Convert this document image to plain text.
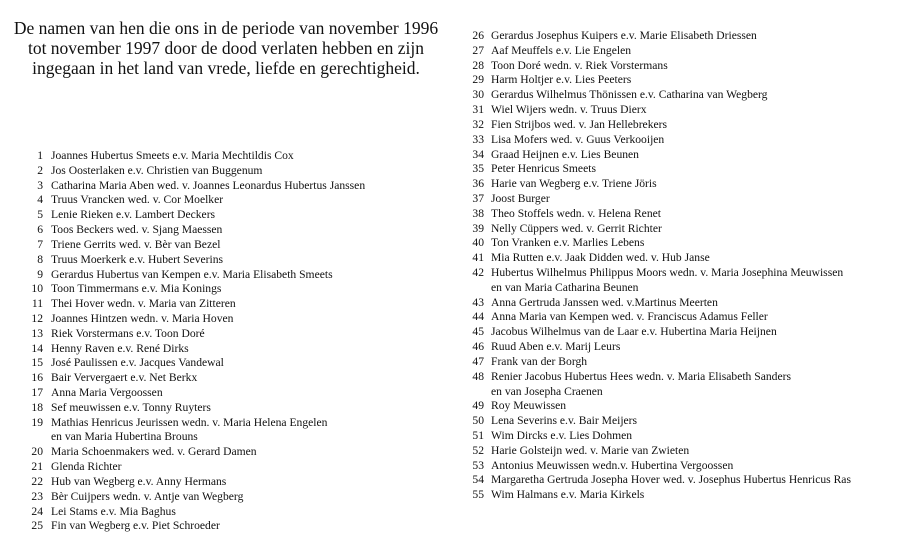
De namen van hen die ons in de periode van november 1996
tot november 1997 door de dood verlaten hebben en zijn
ingegaan in het land van vrede, liefde en gerechtigheid.
1 Joannes Hubertus Smeets e.v. Maria Mechtildis Cox
2 Jos Oosterlaken e.v. Christien van Buggenum
3 Catharina Maria Aben wed. v. Joannes Leonardus Hubertus Janssen
4 Truus Vrancken wed. v. Cor Moelker
5 Lenie Rieken e.v. Lambert Deckers
6 Toos Beckers wed. v. Sjang Maessen
7 Triene Gerrits wed. v. Bèr van Bezel
8 Truus Moerkerk e.v. Hubert Severins
9 Gerardus Hubertus van Kempen e.v. Maria Elisabeth Smeets
10 Toon Timmermans e.v. Mia Konings
11 Thei Hover wedn. v. Maria van Zitteren
12 Joannes Hintzen wedn. v. Maria Hoven
13 Riek Vorstermans e.v. Toon Doré
14 Henny Raven e.v. René Dirks
15 José Paulissen e.v. Jacques Vandewal
16 Bair Ververgaert e.v. Net Berkx
17 Anna Maria Vergoossen
18 Sef meuwissen e.v. Tonny Ruyters
19 Mathias Henricus Jeurissen wedn. v. Maria Helena Engelen
en van Maria Hubertina Brouns
20 Maria Schoenmakers wed. v. Gerard Damen
21 Glenda Richter
22 Hub van Wegberg e.v. Anny Hermans
23 Bèr Cuijpers wedn. v. Antje van Wegberg
24 Lei Stams e.v. Mia Baghus
25 Fin van Wegberg e.v. Piet Schroeder
26 Gerardus Josephus Kuipers e.v. Marie Elisabeth Driessen
27 Aaf Meuffels e.v. Lie Engelen
28 Toon Doré wedn. v. Riek Vorstermans
29 Harm Holtjer e.v. Lies Peeters
30 Gerardus Wilhelmus Thönissen e.v. Catharina van Wegberg
31 Wiel Wijers wedn. v. Truus Dierx
32 Fien Strijbos wed. v. Jan Hellebrekers
33 Lisa Mofers wed. v. Guus Verkooijen
34 Graad Heijnen e.v. Lies Beunen
35 Peter Henricus Smeets
36 Harie van Wegberg e.v. Triene Jöris
37 Joost Burger
38 Theo Stoffels wedn. v. Helena Renet
39 Nelly Cüppers wed. v. Gerrit Richter
40 Ton Vranken e.v. Marlies Lebens
41 Mia Rutten e.v. Jaak Didden wed. v. Hub Janse
42 Hubertus Wilhelmus Philippus Moors wedn. v. Maria Josephina Meuwissen
en van Maria Catharina Beunen
43 Anna Gertruda Janssen wed. v.Martinus Meerten
44 Anna Maria van Kempen wed. v. Franciscus Adamus Feller
45 Jacobus Wilhelmus van de Laar e.v. Hubertina Maria Heijnen
46 Ruud Aben e.v. Marij Leurs
47 Frank van der Borgh
48 Renier Jacobus Hubertus Hees wedn. v. Maria Elisabeth Sanders
en van Josepha Craenen
49 Roy Meuwissen
50 Lena Severins e.v. Bair Meijers
51 Wim Dircks e.v. Lies Dohmen
52 Harie Golsteijn wed. v. Marie van Zwieten
53 Antonius Meuwissen wedn.v. Hubertina Vergoossen
54 Margaretha Gertruda Josepha Hover wed. v. Josephus Hubertus Henricus Ras
55 Wim Halmans e.v. Maria Kirkels
